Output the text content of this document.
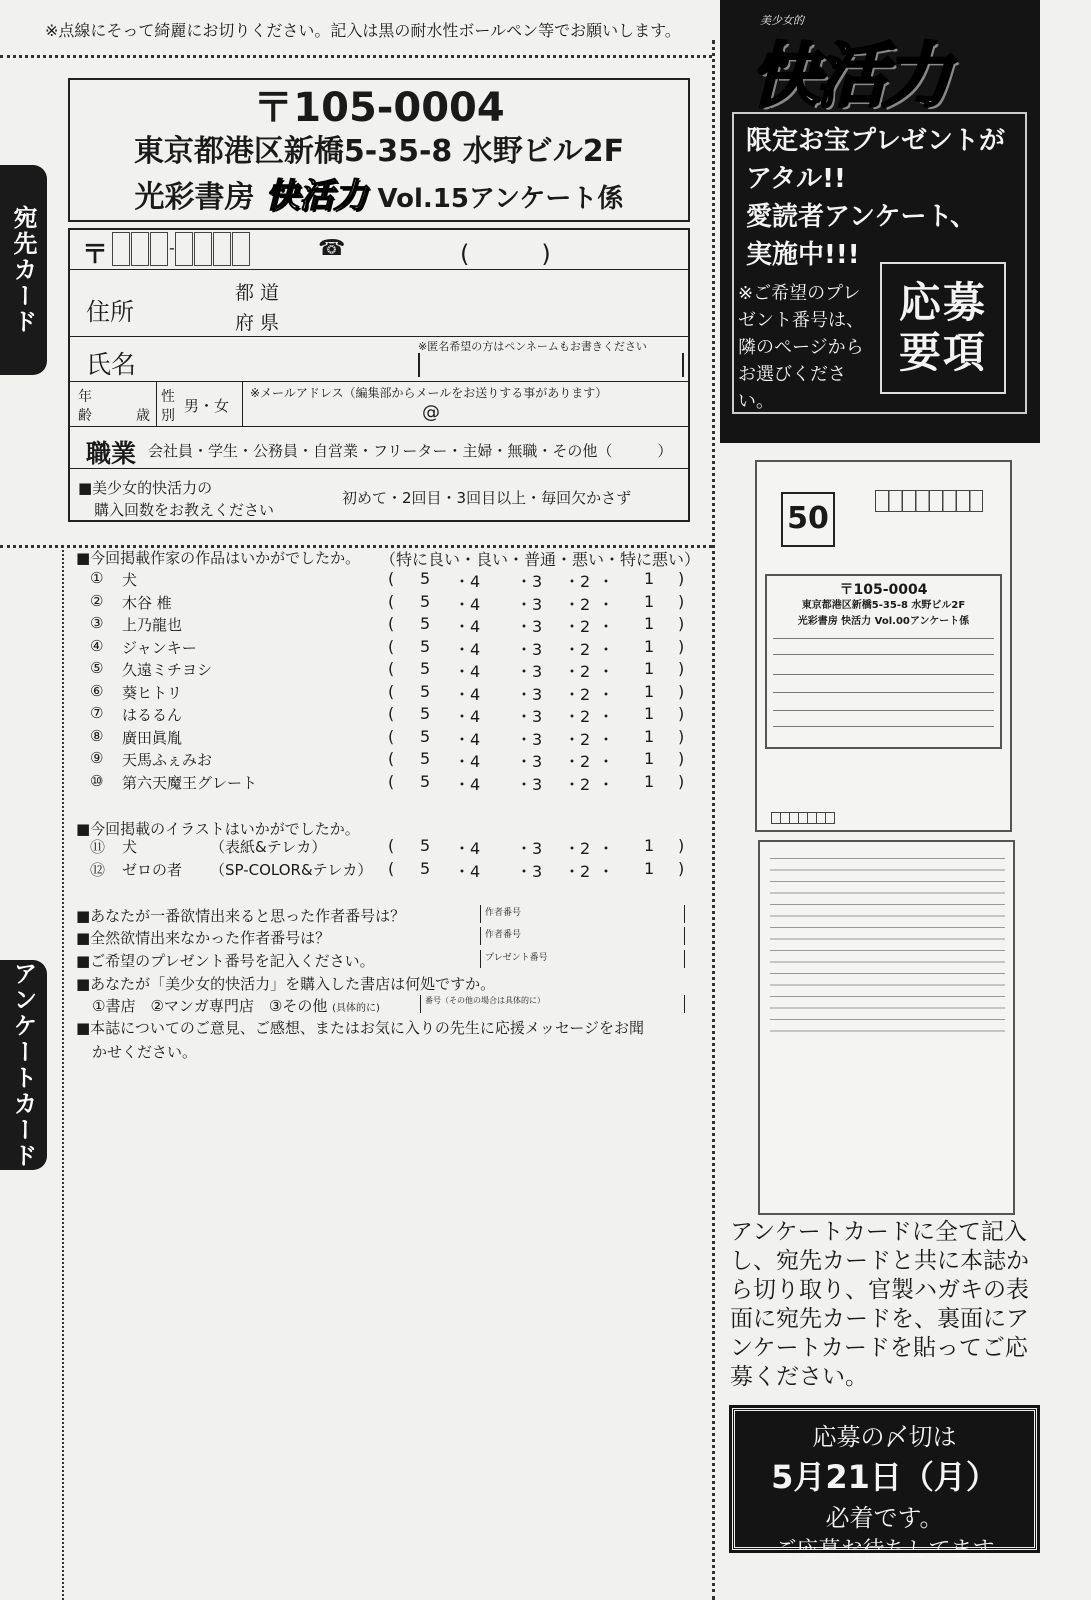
※点線にそって綺麗にお切りください。記入は黒の耐水性ボールペン等でお願いします。
宛先カード
アンケートカード
〒105-0004
東京都港区新橋5-35-8 水野ビル2F
光彩書房 快活力 Vol.15アンケート係
〒	-	☎	(　　　)
住所
都 道
府 県
氏名
※匿名希望の方はペンネームもお書きください
年
齢	歳
性
別
男・女
※メールアドレス（編集部からメールをお送りする事があります）
@
職業 会社員・学生・公務員・自営業・フリーター・主婦・無職・その他（　　　）
■美少女的快活力の
購入回数をお教えください
初めて・2回目・3回目以上・毎回欠かさず
■今回掲載作家の作品はいかがでしたか。 （特に良い・良い・普通・悪い・特に悪い）
① 犬	( 5 ・4 ・3 ・2 ・ 1 )
② 木谷 椎	( 5 ・4 ・3 ・2 ・ 1 )
③ 上乃龍也	( 5 ・4 ・3 ・2 ・ 1 )
④ ジャンキー	( 5 ・4 ・3 ・2 ・ 1 )
⑤ 久遠ミチヨシ	( 5 ・4 ・3 ・2 ・ 1 )
⑥ 葵ヒトリ	( 5 ・4 ・3 ・2 ・ 1 )
⑦ はるるん	( 5 ・4 ・3 ・2 ・ 1 )
⑧ 廣田眞胤	( 5 ・4 ・3 ・2 ・ 1 )
⑨ 天馬ふぇみお	( 5 ・4 ・3 ・2 ・ 1 )
⑩ 第六天魔王グレート	( 5 ・4 ・3 ・2 ・ 1 )
■今回掲載のイラストはいかがでしたか。
⑪ 犬	（表紙&テレカ）	( 5 ・4 ・3 ・2 ・ 1 )
⑫ ゼロの者 （SP-COLOR&テレカ） ( 5 ・4 ・3 ・2 ・ 1 )
■あなたが一番欲情出来ると思った作者番号は？
■全然欲情出来なかった作者番号は？
■ご希望のプレゼント番号を記入ください。
■あなたが「美少女的快活力」を購入した書店は何処ですか。
①書店　②マンガ専門店　③その他 (具体的に)
■本誌についてのご意見、ご感想、またはお気に入りの先生に応援メッセージをお聞
かせください。
作者番号
作者番号
プレゼント番号
番号（その他の場合は具体的に）
美少女的
快活力
限定お宝プレゼントが
アタル!!
愛読者アンケート、
実施中!!!
※ご希望のプレゼント番号は、隣のページからお選びください。
応募要項
50
〒105-0004
東京都港区新橋5-35-8 水野ビル2F
光彩書房 快活力 Vol.00アンケート係
アンケートカードに全て記入し、宛先カードと共に本誌から切り取り、官製ハガキの表面に宛先カードを、裏面にアンケートカードを貼ってご応募ください。
応募の〆切は
5月21日（月）
必着です。
ご応募お待ちしてます
